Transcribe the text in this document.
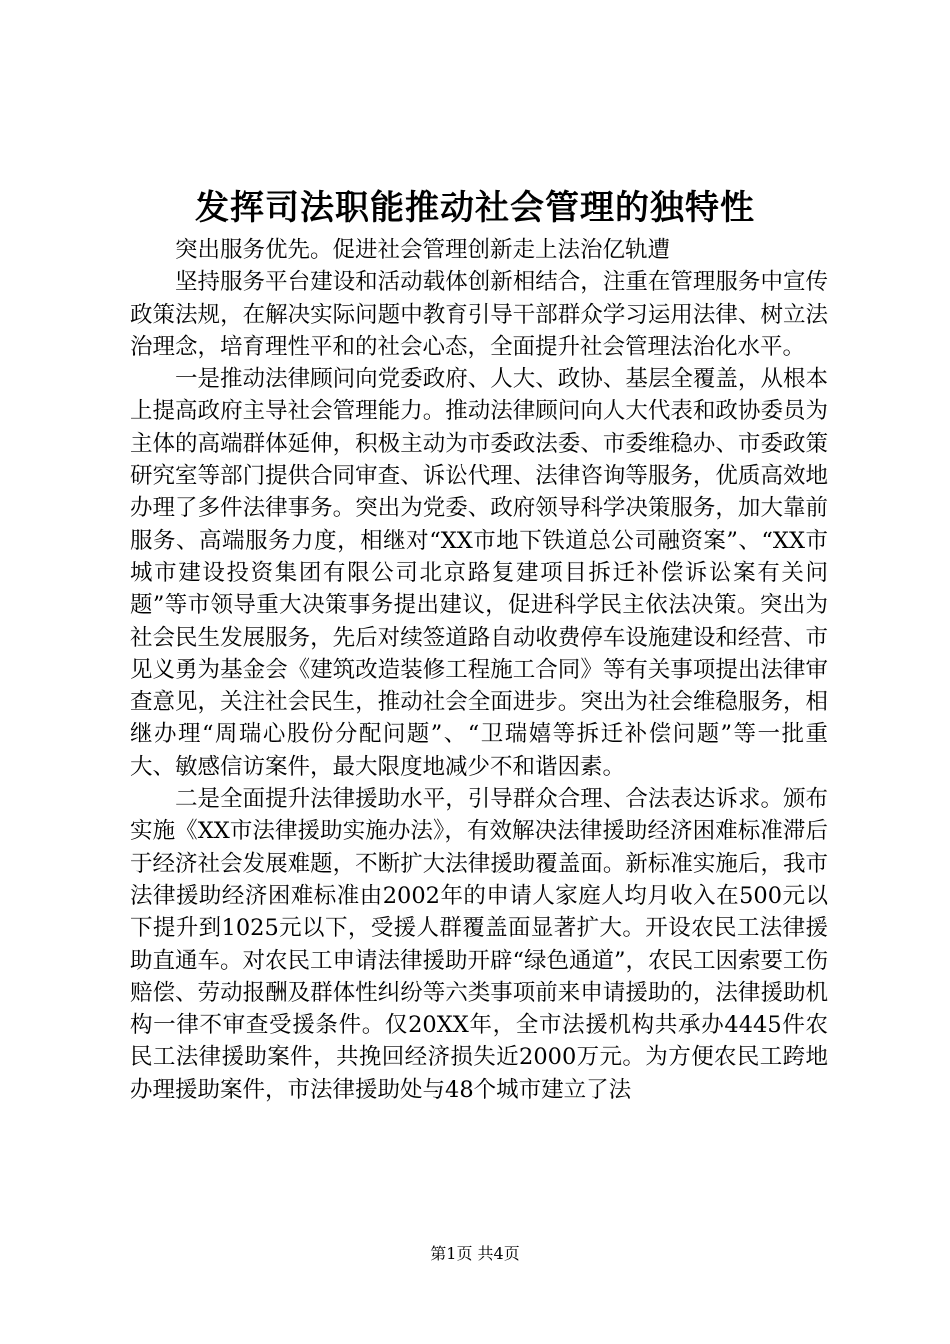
发挥司法职能推动社会管理的独特性

突出服务优先。促进社会管理创新走上法治亿轨遭

坚持服务平台建设和活动载体创新相结合，注重在管理服务中宣传政策法规，在解决实际问题中教育引导干部群众学习运用法律、树立法治理念，培育理性平和的社会心态，全面提升社会管理法治化水平。

一是推动法律顾问向党委政府、人大、政协、基层全覆盖，从根本上提高政府主导社会管理能力。推动法律顾问向人大代表和政协委员为主体的高端群体延伸，积极主动为市委政法委、市委维稳办、市委政策研究室等部门提供合同审查、诉讼代理、法律咨询等服务，优质高效地办理了多件法律事务。突出为党委、政府领导科学决策服务，加大靠前服务、高端服务力度，相继对“XX市地下铁道总公司融资案”、“XX市城市建设投资集团有限公司北京路复建项目拆迁补偿诉讼案有关问题”等市领导重大决策事务提出建议，促进科学民主依法决策。突出为社会民生发展服务，先后对续签道路自动收费停车设施建设和经营、市见义勇为基金会《建筑改造装修工程施工合同》等有关事项提出法律审查意见，关注社会民生，推动社会全面进步。突出为社会维稳服务，相继办理“周瑞心股份分配问题”、“卫瑞嬉等拆迁补偿问题”等一批重大、敏感信访案件，最大限度地减少不和谐因素。

二是全面提升法律援助水平，引导群众合理、合法表达诉求。颁布实施《XX市法律援助实施办法》，有效解决法律援助经济困难标准滞后于经济社会发展难题，不断扩大法律援助覆盖面。新标准实施后，我市法律援助经济困难标准由2002年的申请人家庭人均月收入在500元以下提升到1025元以下，受援人群覆盖面显著扩大。开设农民工法律援助直通车。对农民工申请法律援助开辟“绿色通道”，农民工因索要工伤赔偿、劳动报酬及群体性纠纷等六类事项前来申请援助的，法律援助机构一律不审查受援条件。仅20XX年，全市法援机构共承办4445件农民工法律援助案件，共挽回经济损失近2000万元。为方便农民工跨地办理援助案件，市法律援助处与48个城市建立了法

第1页 共4页
